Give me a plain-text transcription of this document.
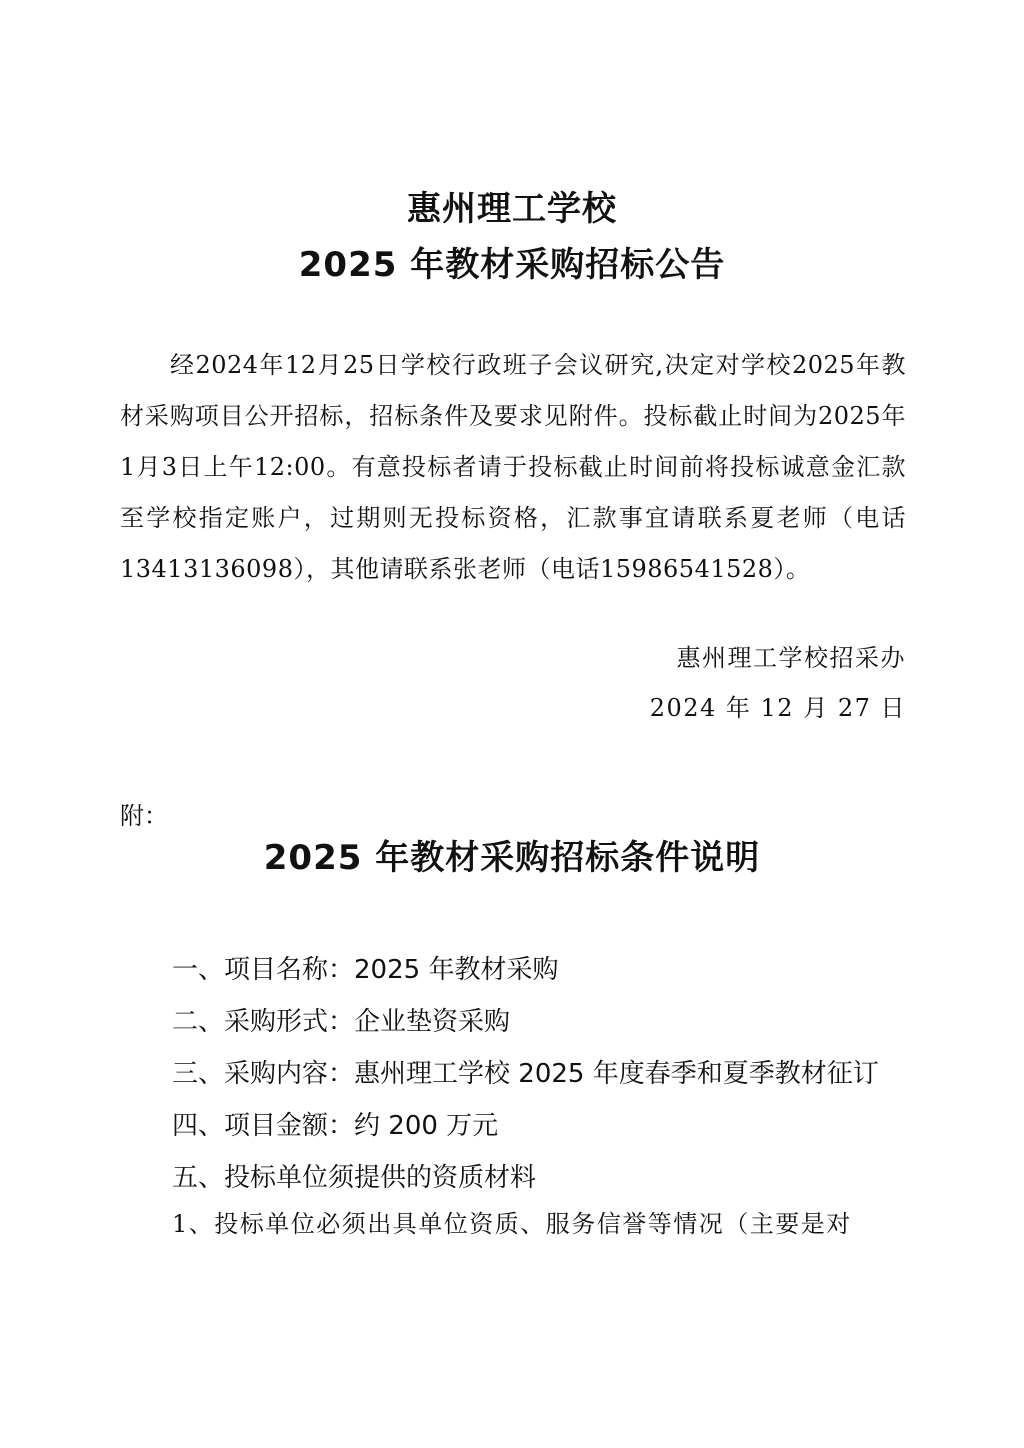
惠州理工学校
2025 年教材采购招标公告
经2024年12月25日学校行政班子会议研究,决定对学校2025年教材采购项目公开招标，招标条件及要求见附件。投标截止时间为2025年1月3日上午12:00。有意投标者请于投标截止时间前将投标诚意金汇款至学校指定账户，过期则无投标资格，汇款事宜请联系夏老师（电话 13413136098），其他请联系张老师（电话15986541528）。
惠州理工学校招采办
2024 年 12 月 27 日
附：
2025 年教材采购招标条件说明
一、项目名称：2025 年教材采购
二、采购形式：企业垫资采购
三、采购内容：惠州理工学校 2025 年度春季和夏季教材征订
四、项目金额：约 200 万元
五、投标单位须提供的资质材料
1、投标单位必须出具单位资质、服务信誉等情况（主要是对
